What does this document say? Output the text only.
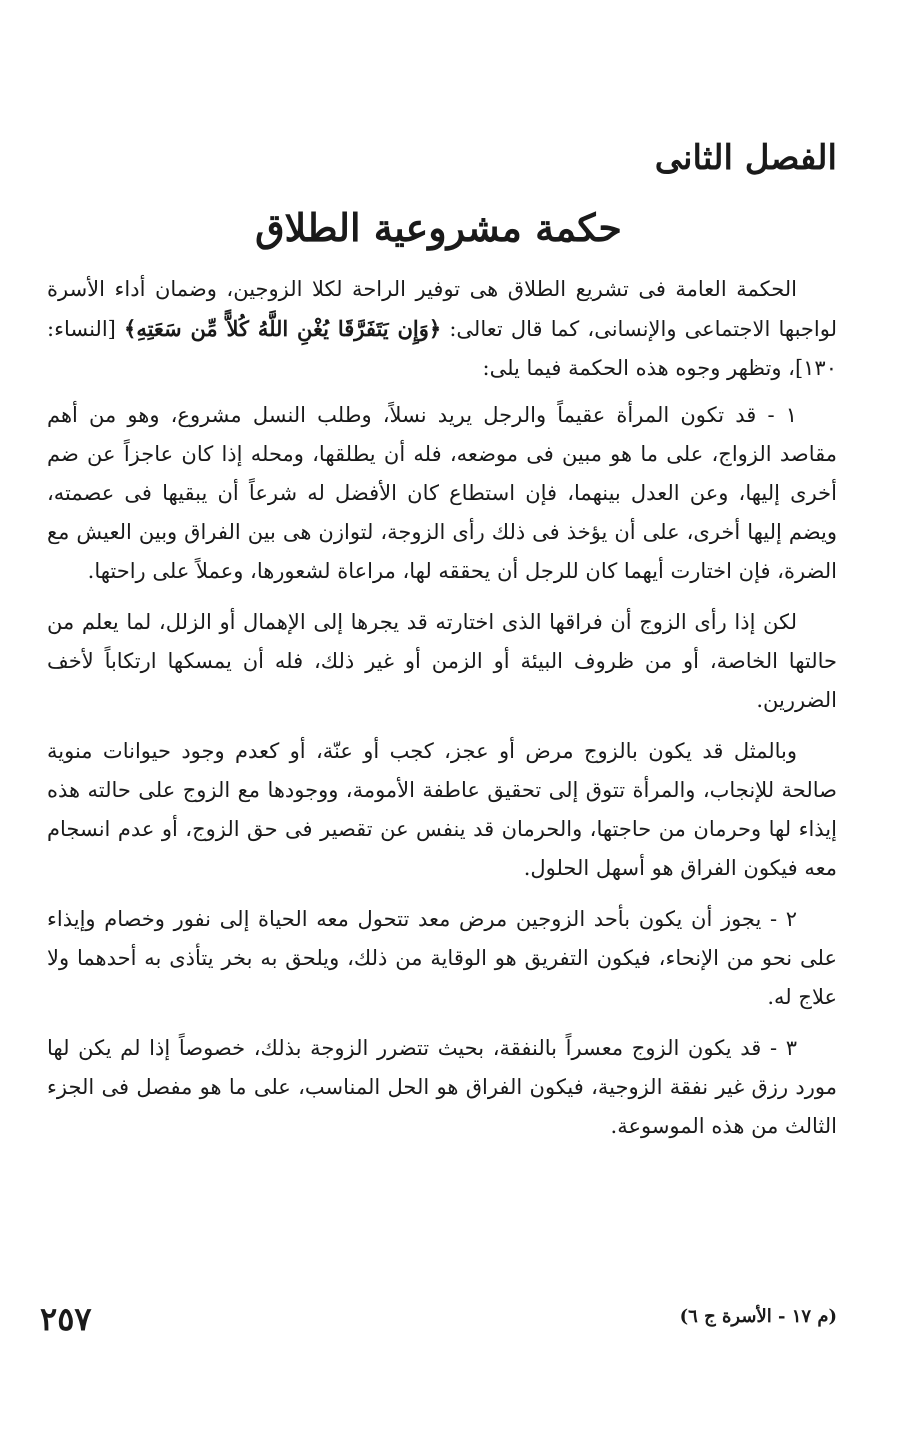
الفصل الثانى
حكمة مشروعية الطلاق

الحكمة العامة فى تشريع الطلاق هى توفير الراحة لكلا الزوجين، وضمان أداء الأسرة لواجبها الاجتماعى والإنسانى، كما قال تعالى: ﴿وَإِن يَتَفَرَّقَا يُغْنِ اللَّهُ كُلاًّ مِّن سَعَتِهِ﴾ [النساء: ١٣٠]، وتظهر وجوه هذه الحكمة فيما يلى:

١ - قد تكون المرأة عقيماً والرجل يريد نسلاً، وطلب النسل مشروع، وهو من أهم مقاصد الزواج، على ما هو مبين فى موضعه، فله أن يطلقها، ومحله إذا كان عاجزاً عن ضم أخرى إليها، وعن العدل بينهما، فإن استطاع كان الأفضل له شرعاً أن يبقيها فى عصمته، ويضم إليها أخرى، على أن يؤخذ فى ذلك رأى الزوجة، لتوازن هى بين الفراق وبين العيش مع الضرة، فإن اختارت أيهما كان للرجل أن يحققه لها، مراعاة لشعورها، وعملاً على راحتها.

لكن إذا رأى الزوج أن فراقها الذى اختارته قد يجرها إلى الإهمال أو الزلل، لما يعلم من حالتها الخاصة، أو من ظروف البيئة أو الزمن أو غير ذلك، فله أن يمسكها ارتكاباً لأخف الضررين.

وبالمثل قد يكون بالزوج مرض أو عجز، كجب أو عنّة، أو كعدم وجود حيوانات منوية صالحة للإنجاب، والمرأة تتوق إلى تحقيق عاطفة الأمومة، ووجودها مع الزوج على حالته هذه إيذاء لها وحرمان من حاجتها، والحرمان قد ينفس عن تقصير فى حق الزوج، أو عدم انسجام معه فيكون الفراق هو أسهل الحلول.

٢ - يجوز أن يكون بأحد الزوجين مرض معد تتحول معه الحياة إلى نفور وخصام وإيذاء على نحو من الإنحاء، فيكون التفريق هو الوقاية من ذلك، ويلحق به بخر يتأذى به أحدهما ولا علاج له.

٣ - قد يكون الزوج معسراً بالنفقة، بحيث تتضرر الزوجة بذلك، خصوصاً إذا لم يكن لها مورد رزق غير نفقة الزوجية، فيكون الفراق هو الحل المناسب، على ما هو مفصل فى الجزء الثالث من هذه الموسوعة.

٢٥٧	(م ١٧ - الأسرة ج ٦)
